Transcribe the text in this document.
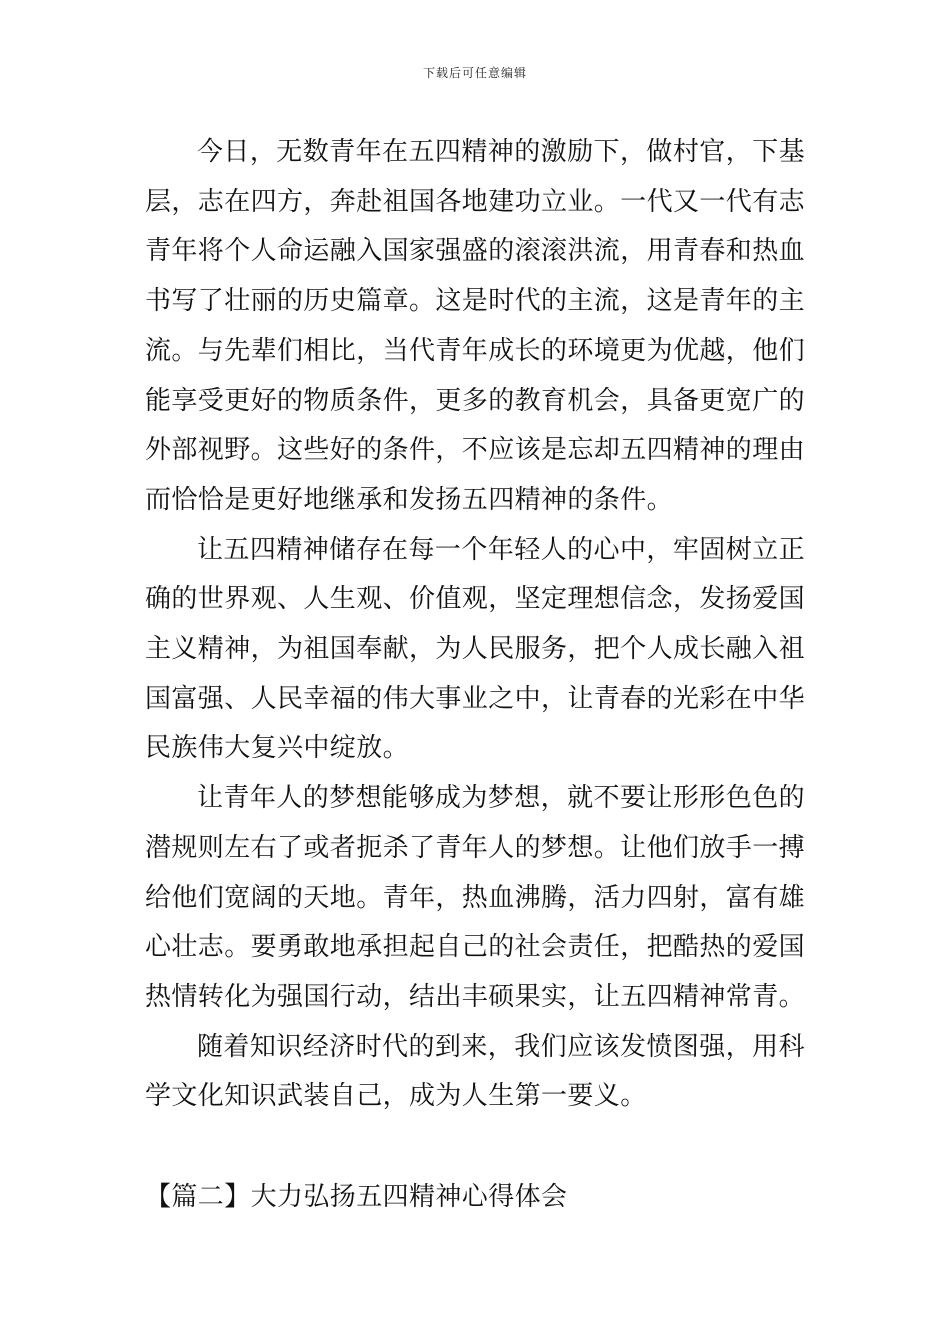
下载后可任意编辑

今日，无数青年在五四精神的激励下，做村官，下基层，志在四方，奔赴祖国各地建功立业。一代又一代有志青年将个人命运融入国家强盛的滚滚洪流，用青春和热血书写了壮丽的历史篇章。这是时代的主流，这是青年的主流。与先辈们相比，当代青年成长的环境更为优越，他们能享受更好的物质条件，更多的教育机会，具备更宽广的外部视野。这些好的条件，不应该是忘却五四精神的理由而恰恰是更好地继承和发扬五四精神的条件。

让五四精神储存在每一个年轻人的心中，牢固树立正确的世界观、人生观、价值观，坚定理想信念，发扬爱国主义精神，为祖国奉献，为人民服务，把个人成长融入祖国富强、人民幸福的伟大事业之中，让青春的光彩在中华民族伟大复兴中绽放。

让青年人的梦想能够成为梦想，就不要让形形色色的潜规则左右了或者扼杀了青年人的梦想。让他们放手一搏给他们宽阔的天地。青年，热血沸腾，活力四射，富有雄心壮志。要勇敢地承担起自己的社会责任，把酷热的爱国热情转化为强国行动，结出丰硕果实，让五四精神常青。

随着知识经济时代的到来，我们应该发愤图强，用科学文化知识武装自己，成为人生第一要义。

【篇二】大力弘扬五四精神心得体会
